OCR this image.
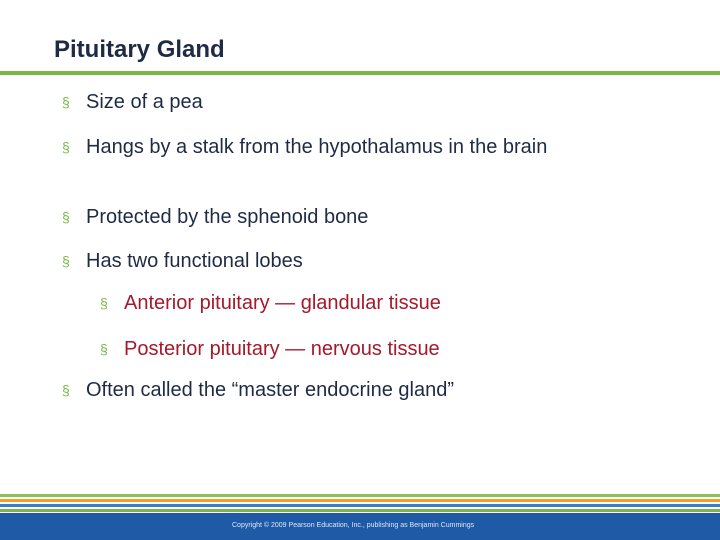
Pituitary Gland
§ Size of a pea
§ Hangs by a stalk from the hypothalamus in the brain
§ Protected by the sphenoid bone
§ Has two functional lobes
§ Anterior pituitary — glandular tissue
§ Posterior pituitary — nervous tissue
§ Often called the “master endocrine gland”
Copyright © 2009 Pearson Education, Inc., publishing as Benjamin Cummings
